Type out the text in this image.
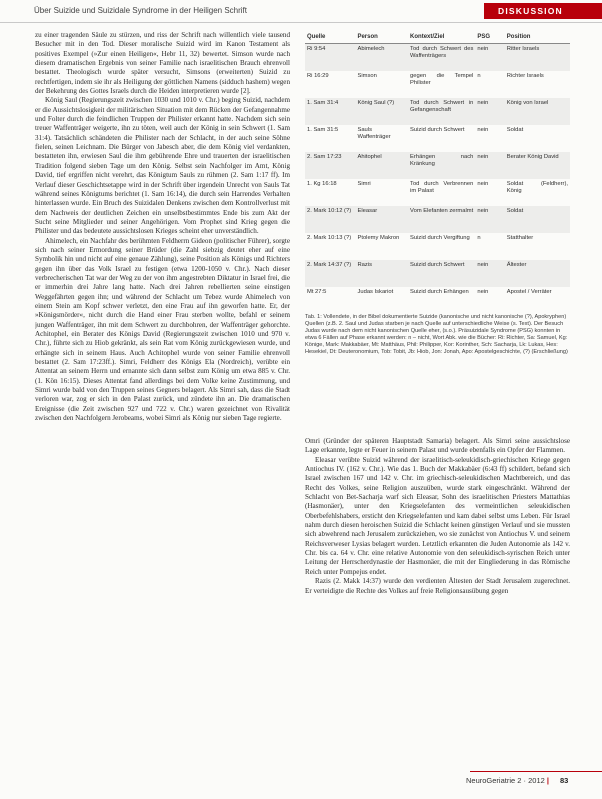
Über Suizide und Suizidale Syndrome in der Heiligen Schrift	DISKUSSION

zu einer tragenden Säule zu stürzen, und riss der Schrift nach willentlich viele tausend Besucher mit in den Tod. Dieser moralische Suizid wird im Kanon Testament als positives Exempel (»Zur einen Heiligen«, Hebr 11, 32) bewertet. Simson wurde nach diesem dramatischen Ergebnis von seiner Familie nach israelitischen Brauch ehrenvoll bestattet. Theologisch wurde später versucht, Simsons (erweiterten) Suizid zu rechtfertigen, indem sie ihr als Heiligung der göttlichen Namens (sidduch hashem) wegen der Bekehrung des Gottes Israels durch die Heiden interpretieren wurde [2].

König Saul (Regierungszeit zwischen 1030 und 1010 v. Chr.) beging Suizid, nachdem er die Aussichtslosigkeit der militärischen Situation mit dem Rücken der Gefangennahme und Folter durch die feindlichen Truppen der Philister erkannt hatte. Nachdem sich sein treuer Waffenträger weigerte, ihn zu töten, weil auch der König in sein Schwert (1. Sam 31:4). Tatsächlich schändeten die Philister nach der Schlacht, in der auch seine Söhne fielen, seinen Leichnam. Die Bürger von Jabesch aber, die dem König viel verdankten, bestatteten ihn, erwiesen Saul die ihm gebührende Ehre und trauerten der israelitischen Tradition folgend sieben Tage um den König. Selbst sein Nachfolger im Amt, König David, tief ergriffen nicht verehrt, das Königtum Sauls zu rühmen (2. Sam 1:17 ff). Im Verlauf dieser Geschichtsetappe wird in der Schrift über irgendein Unrecht von Sauls Tat während seines Königtums berichtet (1. Sam 16:14), die durch sein Harrendes Verhalten hinterlassen wurde. Ein Bruch des Suizidalen Denkens zwischen dem Kontrollverlust mit dem Nachweis der deutlichen Zeichen ein unselbstbestimmtes Ende bis zum Akt der Sucht seine Mitglieder und seiner Angehörigen. Vom Prophet sind Krieg gegen die Philister und das bedeutete aussichtslosen Krieges scheint eher unverständlich.

Ahimelech, ein Nachfahr des berühmten Feldherrn Gideon (politischer Führer), sorgte sich nach seiner Ermordung seiner Brüder (die Zahl siebzig deutet eher auf eine Symbolik hin und nicht auf eine genaue Zählung), seine Position als Königs und Richters gegen ihn über das Volk Israel zu festigen (etwa 1200-1050 v. Chr.). Nach dieser verbrecherischen Tat war der Weg zu der von ihm angestrebten Diktatur in Israel frei, die er immerhin drei Jahre lang hatte. Nach drei Jahren rebellierten seine einstigen Weggefährten gegen ihn; und während der Schlacht um Tebez wurde Ahimelech von einem Stein am Kopf schwer verletzt, den eine Frau auf ihn geworfen hatte. Er, der »Königsmörder«, nicht durch die Hand einer Frau sterben wollte, befahl er seinem jungen Waffenträger, ihn mit dem Schwert zu durchbohren, der Waffenträger gehorchte. Achitophel, ein Berater des Königs David (Regierungszeit zwischen 1010 und 970 v. Chr.), führte sich zu Hiob gekränkt, als sein Rat vom König zurückgewiesen wurde, und erhängte sich in seinem Haus. Auch Achitophel wurde von seiner Familie ehrenvoll bestattet (2. Sam 17:23ff.). Simri, Feldherr des Königs Ela (Nordreich), verübte ein Attentat an seinem Herrn und ernannte sich dann selbst zum König um etwa 885 v. Chr. (1. Kön 16:15). Dieses Attentat fand allerdings bei dem Volke keine Zustimmung, und Simri wurde bald von den Truppen seines Gegners belagert. Als Simri sah, dass die Stadt verloren war, zog er sich in den Palast zurück, und zündete ihn an. Die dramatischen Ereignisse (die Zeit zwischen 927 und 722 v. Chr.) waren gezeichnet von Rivalität zwischen den Nachfolgern Jerobeams, wobei Simri als König nur sieben Tage regierte.

Quelle	Person	Kontext/Ziel	PSG	Position
Ri 9:54	Abimelech	Tod durch Schwert des Waffenträgers	nein	Ritter Israels
Ri 16:29	Simson	gegen die Tempel Philister	n	Richter Israels
1. Sam 31:4	König Saul (?)	Tod durch Schwert in Gefangenschaft	nein	König von Israel
1. Sam 31:5	Sauls Waffenträger	Suizid durch Schwert	nein	Soldat
2. Sam 17:23	Ahitophel	Erhängen nach Kränkung	nein	Berater König David
1. Kg 16:18	Simri	Tod durch Verbrennen im Palast	nein	Soldat (Feldherr), König
2. Mark 10:12 (?)	Eleasar	Vom Elefanten zermalmt	nein	Soldat
2. Mark 10:13 (?)	Ptolemy Makron	Suizid durch Vergiftung	n	Statthalter
2. Mark 14:37 (?)	Razis	Suizid durch Schwert	nein	Ältester
Mt 27:5	Judas Iskariot	Suizid durch Erhängen	nein	Apostel / Verräter

Tab. 1: Vollendete, in der Bibel dokumentierte Suizide (kanonische und nicht kanonische (?), Apokryphen) Quellen (z.B. 2. Saul und Judas starben je nach Quelle auf unterschiedliche Weise (s. Text). Der Besuch Judas wurde nach dem nicht kanonischen Quelle eher, (s.o.). Präsuizidale Syndrome (PSG) konnten in etwa 6 Fällen auf Phase erkannt werden: n – nicht, Wort Abk. wie die Bücher: Ri: Richter, Sa: Samuel, Kg: Könige, Mark: Makkabäer, Mt: Matthäus, Phil: Philipper, Kor: Korinther, Sch: Sacharja, Lk: Lukas, Hes: Hesekiel, Dt: Deuteronomium, Tob: Tobit, Jb: Hiob, Jon: Jonah, Apo: Apostelgeschichte, (?) (Erschließung)

Omri (Gründer der späteren Hauptstadt Samaria) belagert. Als Simri seine aussichtslose Lage erkannte, legte er Feuer in seinem Palast und wurde ebenfalls ein Opfer der Flammen.

Eleasar verübte Suizid während der israelitisch-seleukidisch-griechischen Kriege gegen Antiochus IV. (162 v. Chr.). Wie das 1. Buch der Makkabäer (6:43 ff) schildert, befand sich Israel zwischen 167 und 142 v. Chr. im griechisch-seleukidischen Machtbereich, und das Recht des Volkes, seine Religion auszuüben, wurde stark eingeschränkt. Während der Schlacht von Bet-Sacharja warf sich Eleasar, Sohn des israelitischen Priesters Mattathias (Hasmonäer), unter den Kriegselefanten des vermeintlichen seleukidischen Oberbefehlshabers, ersticht den Kriegselefanten und kam dabei selbst ums Leben. Für Israel nahm durch diesen heroischen Suizid die Schlacht keinen günstigen Verlauf und sie mussten sich abwehrend nach Jerusalem zurückziehen, wo sie zunächst von Antiochus V. und seinem Reichsverweser Lysias belagert wurden. Letztlich erkannten die Juden Autonomie als 142 v. Chr. bis ca. 64 v. Chr. eine relative Autonomie von den seleukidisch-syrischen Reich unter Leitung der Herrscherdynastie der Hasmonäer, die mit der Eingliederung in das Römische Reich unter Pompejus endet.

Razis (2. Makk 14:37) wurde den verdienten Ältesten der Stadt Jerusalem zugerechnet. Er verteidigte die Rechte des Volkes auf freie Religionsausübung gegen

NeuroGeriatrie 2 · 2012 | 83
